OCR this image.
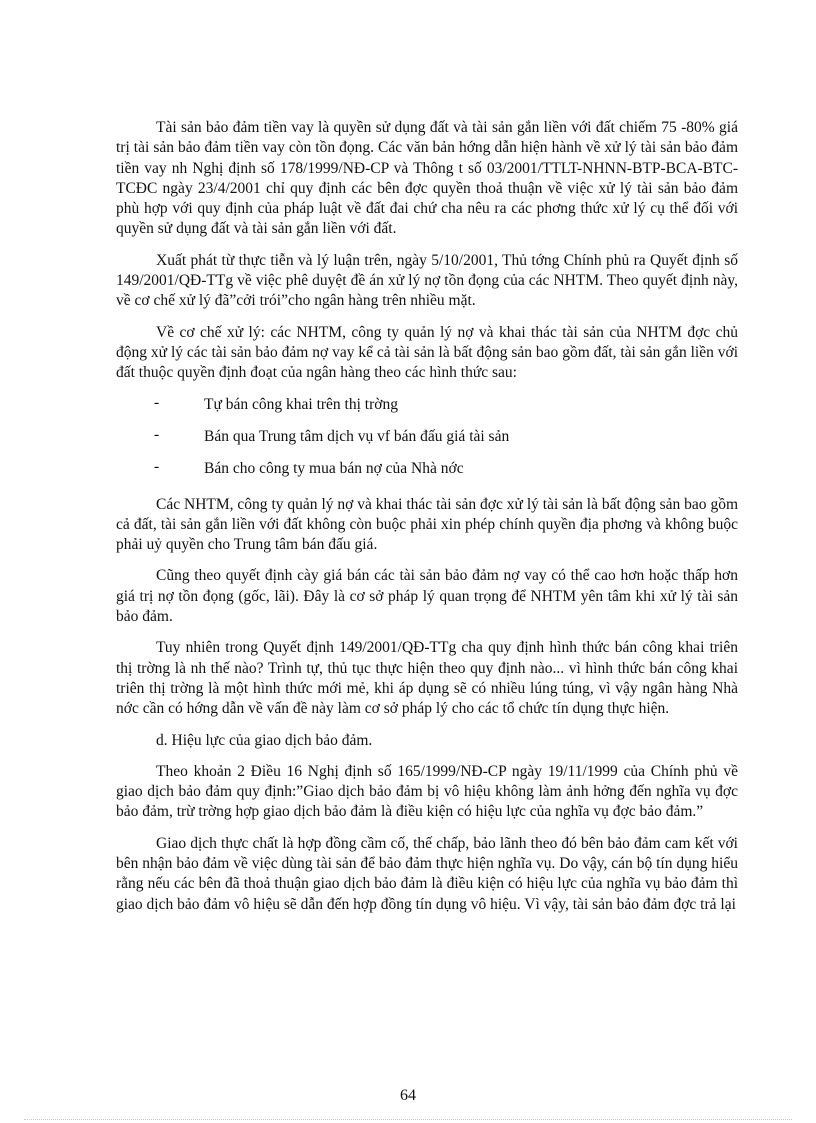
Tài sản bảo đảm tiền vay là quyền sử dụng đất và tài sản gắn liền với đất chiếm 75 -80% giá trị tài sản bảo đảm tiền vay còn tồn đọng. Các văn bản hớng dẫn hiện hành về xử lý tài sản bảo đảm tiền vay nh Nghị định số 178/1999/NĐ-CP và Thông t số 03/2001/TTLT-NHNN-BTP-BCA-BTC-TCĐC ngày 23/4/2001 chỉ quy định các bên đợc quyền thoả thuận về việc xử lý tài sản bảo đảm phù hợp với quy định của pháp luật về đất đai chứ cha nêu ra các phơng thức xử lý cụ thể đối với quyền sử dụng đất và tài sản gắn liền với đất.

Xuất phát từ thực tiễn và lý luận trên, ngày 5/10/2001, Thủ tớng Chính phủ ra Quyết định số 149/2001/QĐ-TTg về việc phê duyệt đề án xử lý nợ tồn đọng của các NHTM. Theo quyết định này, về cơ chế xử lý đã”cởi trói”cho ngân hàng trên nhiều mặt.

Về cơ chế xử lý: các NHTM, công ty quản lý nợ và khai thác tài sản của NHTM đợc chủ động xử lý các tài sản bảo đảm nợ vay kể cả tài sản là bất động sản bao gồm đất, tài sản gắn liền với đất thuộc quyền định đoạt của ngân hàng theo các hình thức sau:

-	Tự bán công khai trên thị trờng
-	Bán qua Trung tâm dịch vụ vf bán đấu giá tài sản
-	Bán cho công ty mua bán nợ của Nhà nớc

Các NHTM, công ty quản lý nợ và khai thác tài sản đợc xử lý tài sản là bất động sản bao gồm cả đất, tài sản gắn liền với đất không còn buộc phải xin phép chính quyền địa phơng và không buộc phải uỷ quyền cho Trung tâm bán đấu giá.

Cũng theo quyết định cày giá bán các tài sản bảo đảm nợ vay có thể cao hơn hoặc thấp hơn giá trị nợ tồn đọng (gốc, lãi). Đây là cơ sở pháp lý quan trọng để NHTM yên tâm khi xử lý tài sản bảo đảm.

Tuy nhiên trong Quyết định 149/2001/QĐ-TTg cha quy định hình thức bán công khai triên thị trờng là nh thế nào? Trình tự, thủ tục thực hiện theo quy định nào... vì hình thức bán công khai triên thị trờng là một hình thức mới mẻ, khi áp dụng sẽ có nhiều lúng túng, vì vậy ngân hàng Nhà nớc cần có hớng dẫn về vấn đề này làm cơ sở pháp lý cho các tổ chức tín dụng thực hiện.

d. Hiệu lực của giao dịch bảo đảm.

Theo khoản 2 Điều 16 Nghị định số 165/1999/NĐ-CP ngày 19/11/1999 của Chính phủ về giao dịch bảo đảm quy định:”Giao dịch bảo đảm bị vô hiệu không làm ảnh hởng đến nghĩa vụ đợc bảo đảm, trừ trờng hợp giao dịch bảo đảm là điều kiện có hiệu lực của nghĩa vụ đợc bảo đảm.”

Giao dịch thực chất là hợp đồng cầm cố, thế chấp, bảo lãnh theo đó bên bảo đảm cam kết với bên nhận bảo đảm về việc dùng tài sản để bảo đảm thực hiện nghĩa vụ. Do vậy, cán bộ tín dụng hiểu rằng nếu các bên đã thoả thuận giao dịch bảo đảm là điều kiện có hiệu lực của nghĩa vụ bảo đảm thì giao dịch bảo đảm vô hiệu sẽ dẫn đến hợp đồng tín dụng vô hiệu. Vì vậy, tài sản bảo đảm đợc trả lại

64
